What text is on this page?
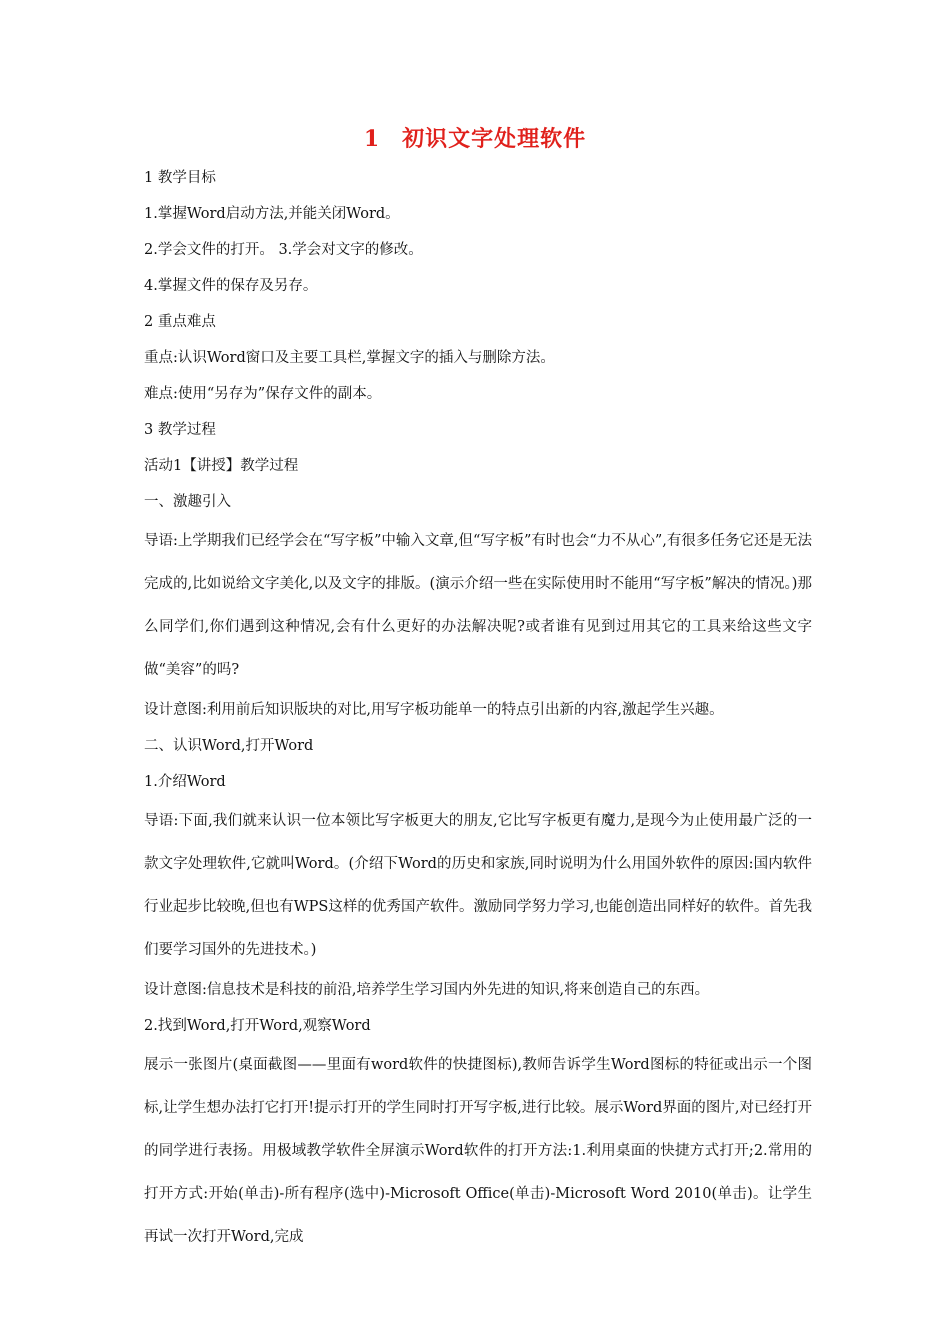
1 初识文字处理软件
1 教学目标
1.掌握Word启动方法,并能关闭Word。
2.学会文件的打开。 3.学会对文字的修改。
4.掌握文件的保存及另存。
2 重点难点
重点:认识Word窗口及主要工具栏,掌握文字的插入与删除方法。
难点:使用“另存为”保存文件的副本。
3 教学过程
活动1【讲授】教学过程
一、激趣引入
导语:上学期我们已经学会在“写字板”中输入文章,但“写字板”有时也会“力不从心”,有很多任务它还是无法完成的,比如说给文字美化,以及文字的排版。(演示介绍一些在实际使用时不能用“写字板”解决的情况。)那么同学们,你们遇到这种情况,会有什么更好的办法解决呢?或者谁有见到过用其它的工具来给这些文字做“美容”的吗?
设计意图:利用前后知识版块的对比,用写字板功能单一的特点引出新的内容,激起学生兴趣。
二、认识Word,打开Word
1.介绍Word
导语:下面,我们就来认识一位本领比写字板更大的朋友,它比写字板更有魔力,是现今为止使用最广泛的一款文字处理软件,它就叫Word。(介绍下Word的历史和家族,同时说明为什么用国外软件的原因:国内软件行业起步比较晚,但也有WPS这样的优秀国产软件。激励同学努力学习,也能创造出同样好的软件。首先我们要学习国外的先进技术。)
设计意图:信息技术是科技的前沿,培养学生学习国内外先进的知识,将来创造自己的东西。
2.找到Word,打开Word,观察Word
展示一张图片(桌面截图——里面有word软件的快捷图标),教师告诉学生Word图标的特征或出示一个图标,让学生想办法打它打开!提示打开的学生同时打开写字板,进行比较。展示Word界面的图片,对已经打开的同学进行表扬。用极域教学软件全屏演示Word软件的打开方法:1.利用桌面的快捷方式打开;2.常用的打开方式:开始(单击)-所有程序(选中)-Microsoft Office(单击)-Microsoft Word 2010(单击)。让学生再试一次打开Word,完成
